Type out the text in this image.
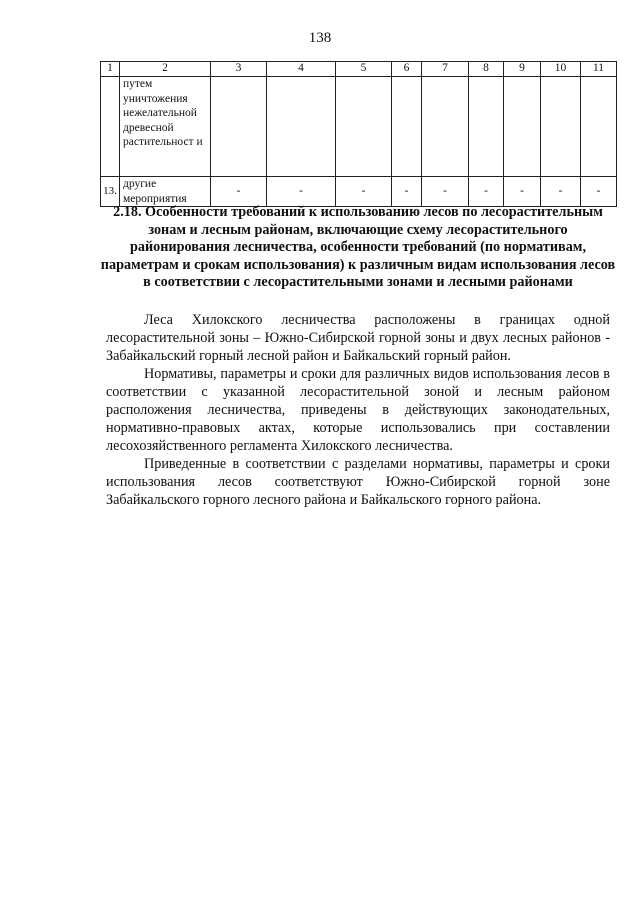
138
1	2	3	4	5	6	7	8	9	10	11
	путем уничтожения нежелательной древесной растительност и									
13.	другие мероприятия	-	-	-	-	-	-	-	-	-
2.18. Особенности требований к использованию лесов по лесорастительным зонам и лесным районам, включающие схему лесорастительного районирования лесничества, особенности требований (по нормативам, параметрам и срокам использования) к различным видам использования лесов в соответствии с лесорастительными зонами и лесными районами

Леса Хилокского лесничества расположены в границах одной лесорастительной зоны – Южно-Сибирской горной зоны и двух лесных районов - Забайкальский горный лесной район и Байкальский горный район.

Нормативы, параметры и сроки для различных видов использования лесов в соответствии с указанной лесорастительной зоной и лесным районом расположения лесничества, приведены в действующих законодательных, нормативно-правовых актах, которые использовались при составлении лесохозяйственного регламента Хилокского лесничества.

Приведенные в соответствии с разделами нормативы, параметры и сроки использования лесов соответствуют Южно-Сибирской горной зоне Забайкальского горного лесного района и Байкальского горного района.
